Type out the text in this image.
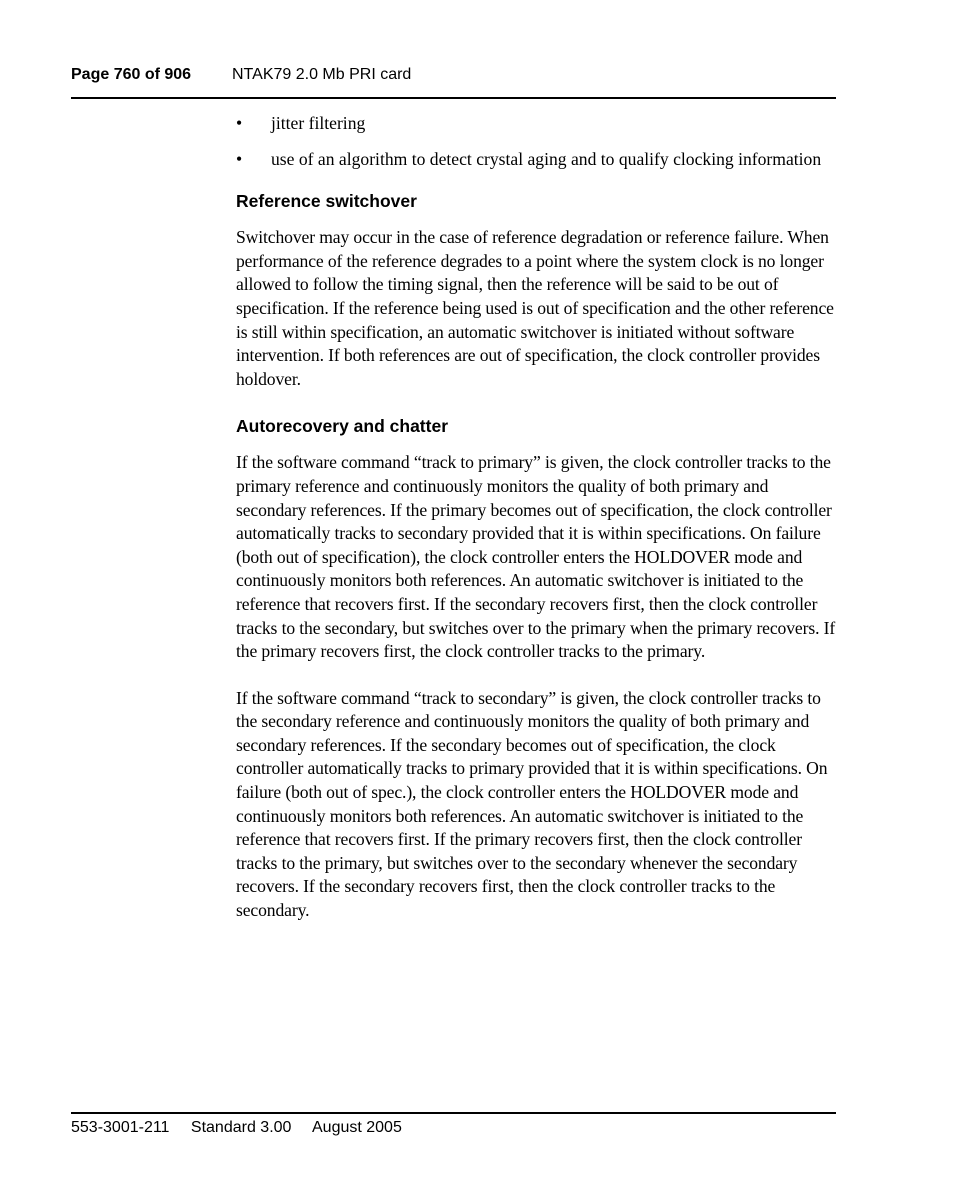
Page 760 of 906	NTAK79 2.0 Mb PRI card
• jitter filtering
• use of an algorithm to detect crystal aging and to qualify clocking information
Reference switchover

Switchover may occur in the case of reference degradation or reference failure. When performance of the reference degrades to a point where the system clock is no longer allowed to follow the timing signal, then the reference will be said to be out of specification. If the reference being used is out of specification and the other reference is still within specification, an automatic switchover is initiated without software intervention. If both references are out of specification, the clock controller provides holdover.

Autorecovery and chatter

If the software command “track to primary” is given, the clock controller tracks to the primary reference and continuously monitors the quality of both primary and secondary references. If the primary becomes out of specification, the clock controller automatically tracks to secondary provided that it is within specifications. On failure (both out of specification), the clock controller enters the HOLDOVER mode and continuously monitors both references. An automatic switchover is initiated to the reference that recovers first. If the secondary recovers first, then the clock controller tracks to the secondary, but switches over to the primary when the primary recovers. If the primary recovers first, the clock controller tracks to the primary.

If the software command “track to secondary” is given, the clock controller tracks to the secondary reference and continuously monitors the quality of both primary and secondary references. If the secondary becomes out of specification, the clock controller automatically tracks to primary provided that it is within specifications. On failure (both out of spec.), the clock controller enters the HOLDOVER mode and continuously monitors both references. An automatic switchover is initiated to the reference that recovers first. If the primary recovers first, then the clock controller tracks to the primary, but switches over to the secondary whenever the secondary recovers. If the secondary recovers first, then the clock controller tracks to the secondary.

553-3001-211 Standard 3.00 August 2005
